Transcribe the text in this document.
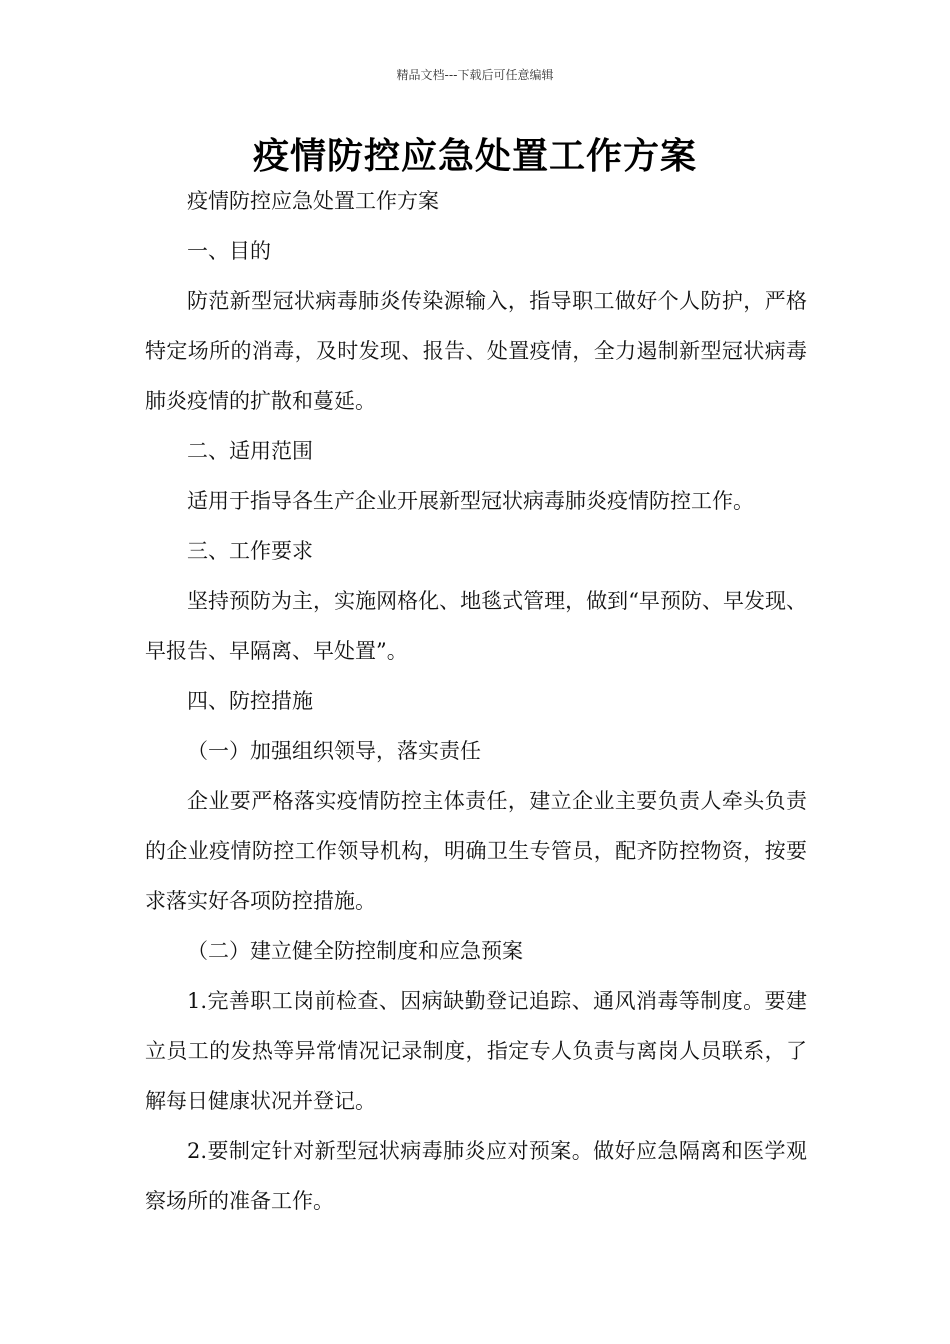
精品文档---下载后可任意编辑
疫情防控应急处置工作方案

疫情防控应急处置工作方案

一、目的

防范新型冠状病毒肺炎传染源输入，指导职工做好个人防护，严格特定场所的消毒，及时发现、报告、处置疫情，全力遏制新型冠状病毒肺炎疫情的扩散和蔓延。

二、适用范围

适用于指导各生产企业开展新型冠状病毒肺炎疫情防控工作。

三、工作要求

坚持预防为主，实施网格化、地毯式管理，做到“早预防、早发现、早报告、早隔离、早处置”。

四、防控措施

（一）加强组织领导，落实责任

企业要严格落实疫情防控主体责任，建立企业主要负责人牵头负责的企业疫情防控工作领导机构，明确卫生专管员，配齐防控物资，按要求落实好各项防控措施。

（二）建立健全防控制度和应急预案

1.完善职工岗前检查、因病缺勤登记追踪、通风消毒等制度。要建立员工的发热等异常情况记录制度，指定专人负责与离岗人员联系，了解每日健康状况并登记。

2.要制定针对新型冠状病毒肺炎应对预案。做好应急隔离和医学观察场所的准备工作。
